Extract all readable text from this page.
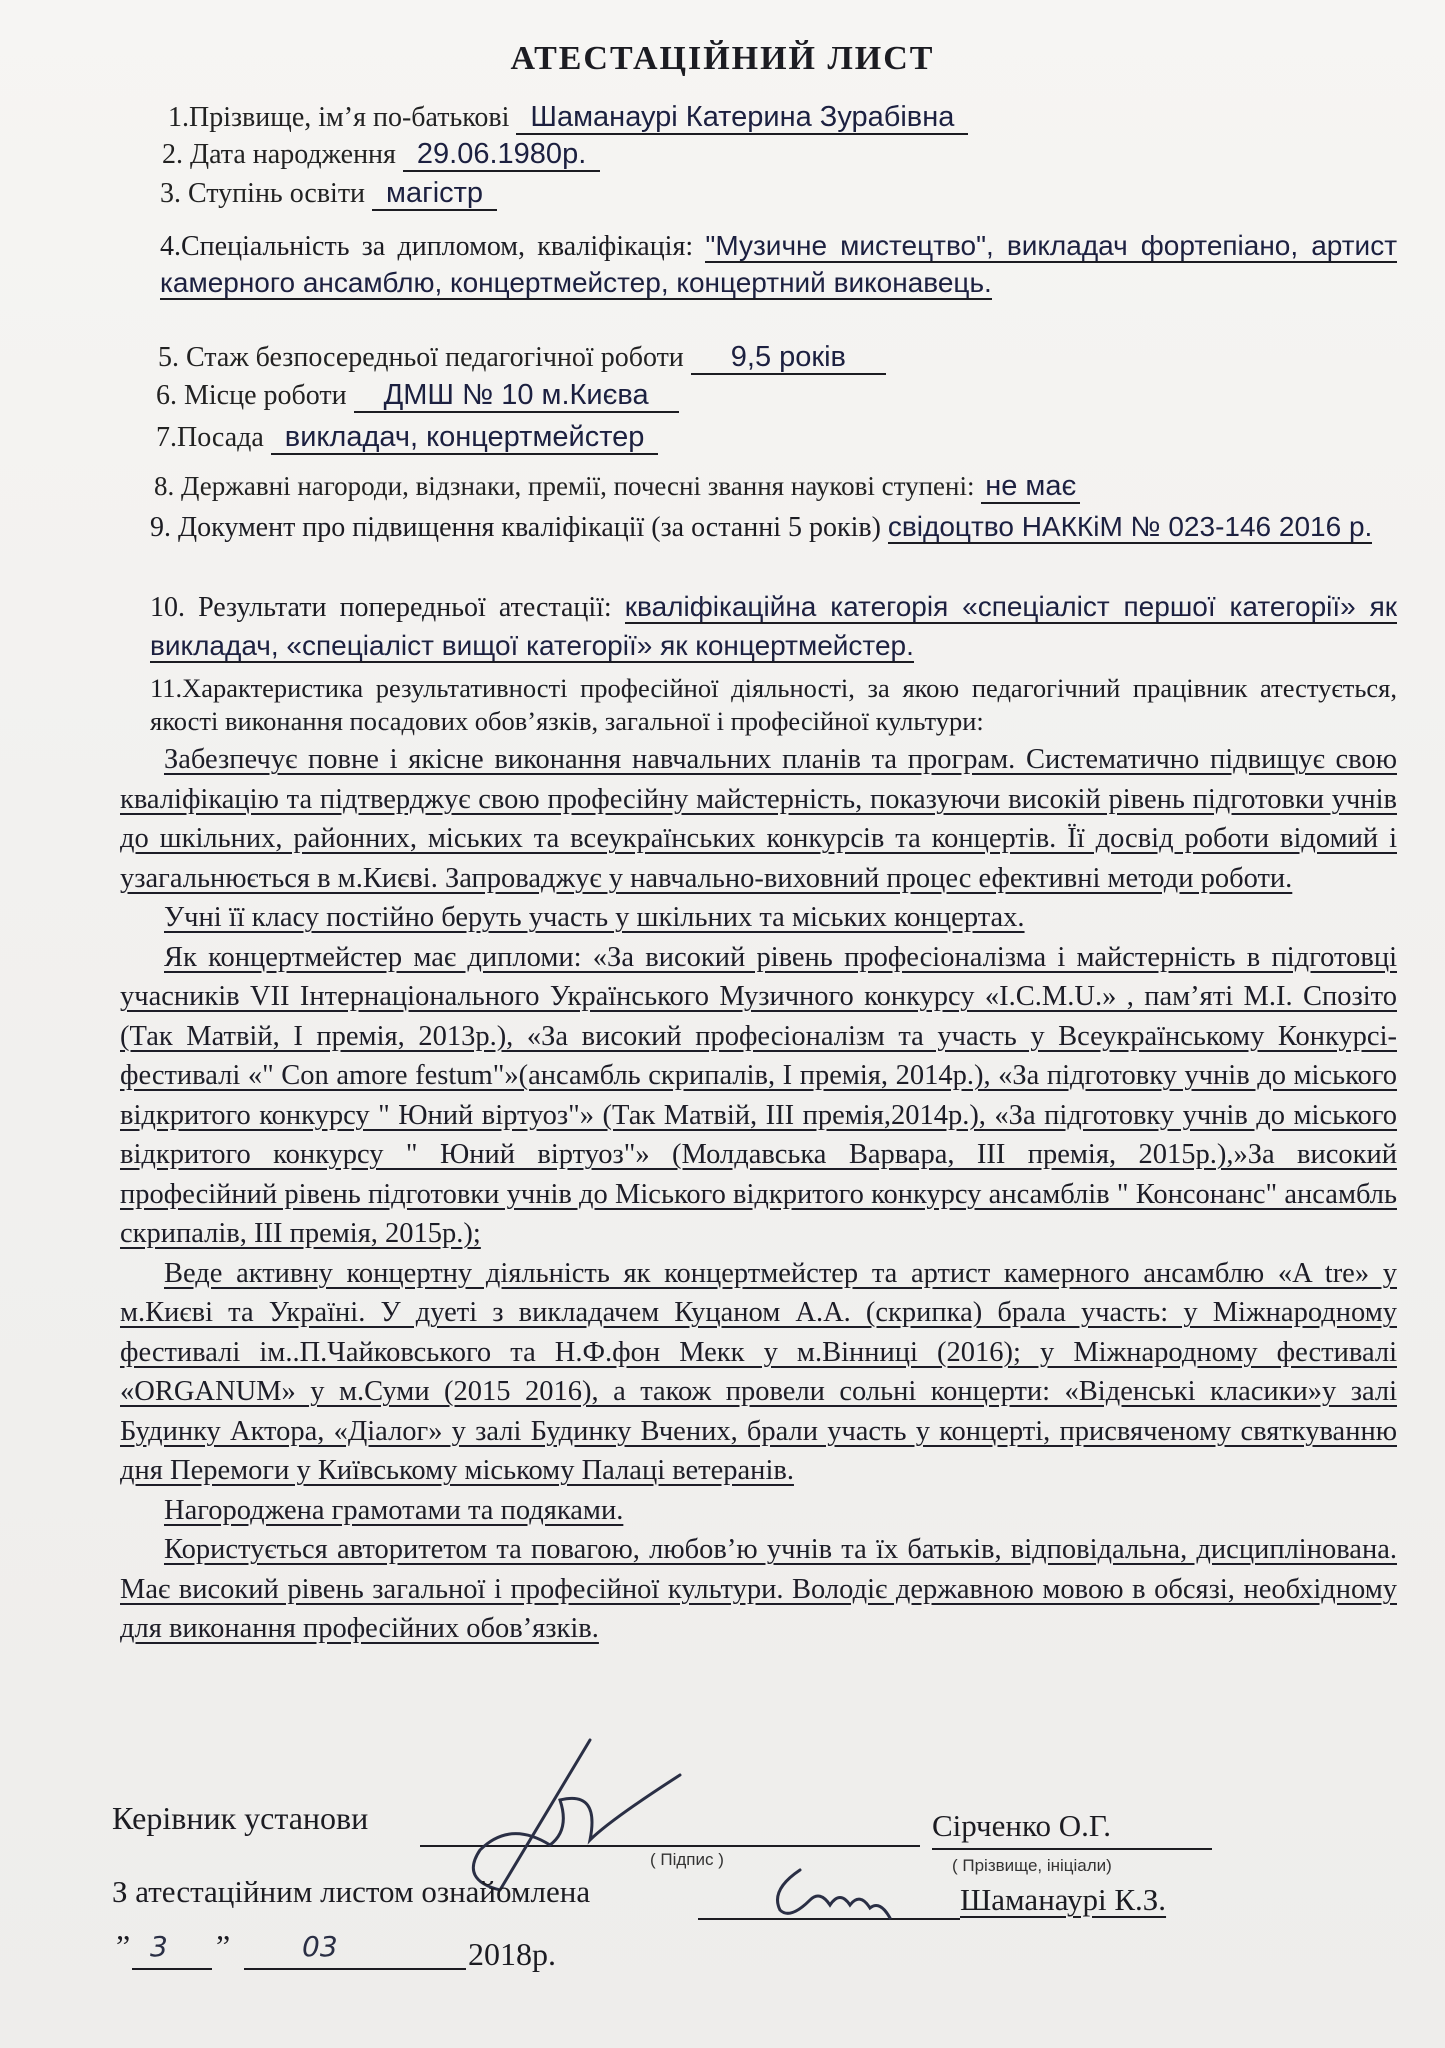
АТЕСТАЦІЙНИЙ ЛИСТ
1.Прізвище, ім’я по-батькові Шаманаурі Катерина Зурабівна
2. Дата народження 29.06.1980р.
3. Ступінь освіти магістр
4.Спеціальність за дипломом, кваліфікація: "Музичне мистецтво", викладач фортепіано, артист камерного ансамблю, концертмейстер, концертний виконавець.
5. Стаж безпосередньої педагогічної роботи 9,5 років
6. Місце роботи ДМШ № 10 м.Києва
7.Посада викладач, концертмейстер
8. Державні нагороди, відзнаки, премії, почесні звання наукові ступені: не має
9. Документ про підвищення кваліфікації (за останні 5 років) свідоцтво НАККіМ № 023-146 2016 р.
10. Результати попередньої атестації: кваліфікаційна категорія «спеціаліст першої категорії» як викладач, «спеціаліст вищої категорії» як концертмейстер.
11.Характеристика результативності професійної діяльності, за якою педагогічний працівник атестується, якості виконання посадових обов’язків, загальної і професійної культури:

Забезпечує повне і якісне виконання навчальних планів та програм. Систематично підвищує свою кваліфікацію та підтверджує свою професійну майстерність, показуючи високій рівень підготовки учнів до шкільних, районних, міських та всеукраїнських конкурсів та концертів. Її досвід роботи відомий і узагальнюється в м.Києві. Запроваджує у навчально-виховний процес ефективні методи роботи.

Учні її класу постійно беруть участь у шкільних та міських концертах.

Як концертмейстер має дипломи: «За високий рівень професіоналізма і майстерність в підготовці учасників VII Інтернаціонального Українського Музичного конкурсу «I.C.M.U.» , пам’яті М.І. Спозіто (Так Матвій, І премія, 2013р.), «За високий професіоналізм та участь у Всеукраїнському Конкурсі-фестивалі «" Con amore festum"»(ансамбль скрипалів, І премія, 2014р.), «За підготовку учнів до міського відкритого конкурсу " Юний віртуоз"» (Так Матвій, ІІІ премія,2014р.), «За підготовку учнів до міського відкритого конкурсу " Юний віртуоз"» (Молдавська Варвара, ІІІ премія, 2015р.),»За високий професійний рівень підготовки учнів до Міського відкритого конкурсу ансамблів " Консонанс" ансамбль скрипалів, ІІІ премія, 2015р.);

Веде активну концертну діяльність як концертмейстер та артист камерного ансамблю «A tre» у м.Києві та Україні. У дуеті з викладачем Куцаном А.А. (скрипка) брала участь: у Міжнародному фестивалі ім..П.Чайковського та Н.Ф.фон Мекк у м.Вінниці (2016); у Міжнародному фестивалі «ORGANUM» у м.Суми (2015 2016), а також провели сольні концерти: «Віденські класики»у залі Будинку Актора, «Діалог» у залі Будинку Вчених, брали участь у концерті, присвяченому святкуванню дня Перемоги у Київському міському Палаці ветеранів.

Нагороджена грамотами та подяками.

Користується авторитетом та повагою, любов’ю учнів та їх батьків, відповідальна, дисциплінована. Має високий рівень загальної і професійної культури. Володіє державною мовою в обсязі, необхідному для виконання професійних обов’язків.

Керівник установи
( Підпис )
Сірченко О.Г.
( Прізвище, ініціали)
З атестаційним листом ознайомлена	Шаманаурі К.З.
” 3 ”	03	2018р.
